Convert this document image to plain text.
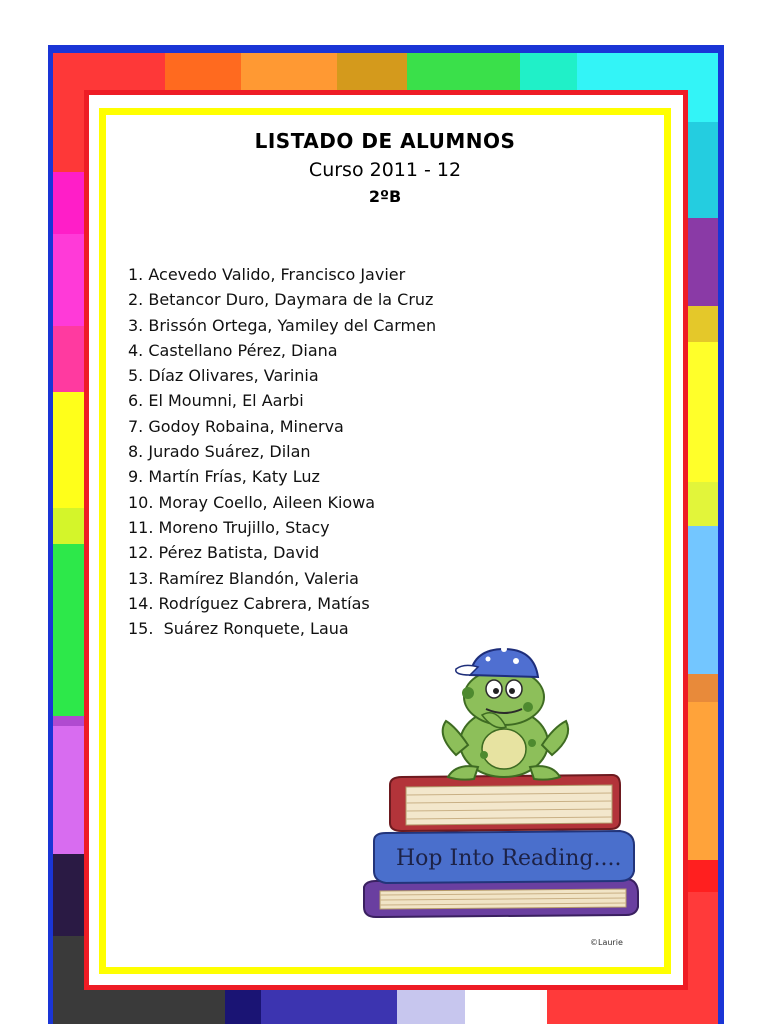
LISTADO DE ALUMNOS
Curso 2011 - 12
2ºB
1. Acevedo Valido, Francisco Javier
2. Betancor Duro, Daymara de la Cruz
3. Brissón Ortega, Yamiley del Carmen
4. Castellano Pérez, Diana
5. Díaz Olivares, Varinia
6. El Moumni, El Aarbi
7. Godoy Robaina, Minerva
8. Jurado Suárez, Dilan
9. Martín Frías, Katy Luz
10. Moray Coello, Aileen Kiowa
11. Moreno Trujillo, Stacy
12. Pérez Batista, David
13. Ramírez Blandón, Valeria
14. Rodríguez Cabrera, Matías
15.  Suárez Ronquete, Laua
Hop Into Reading....
©Laurie
